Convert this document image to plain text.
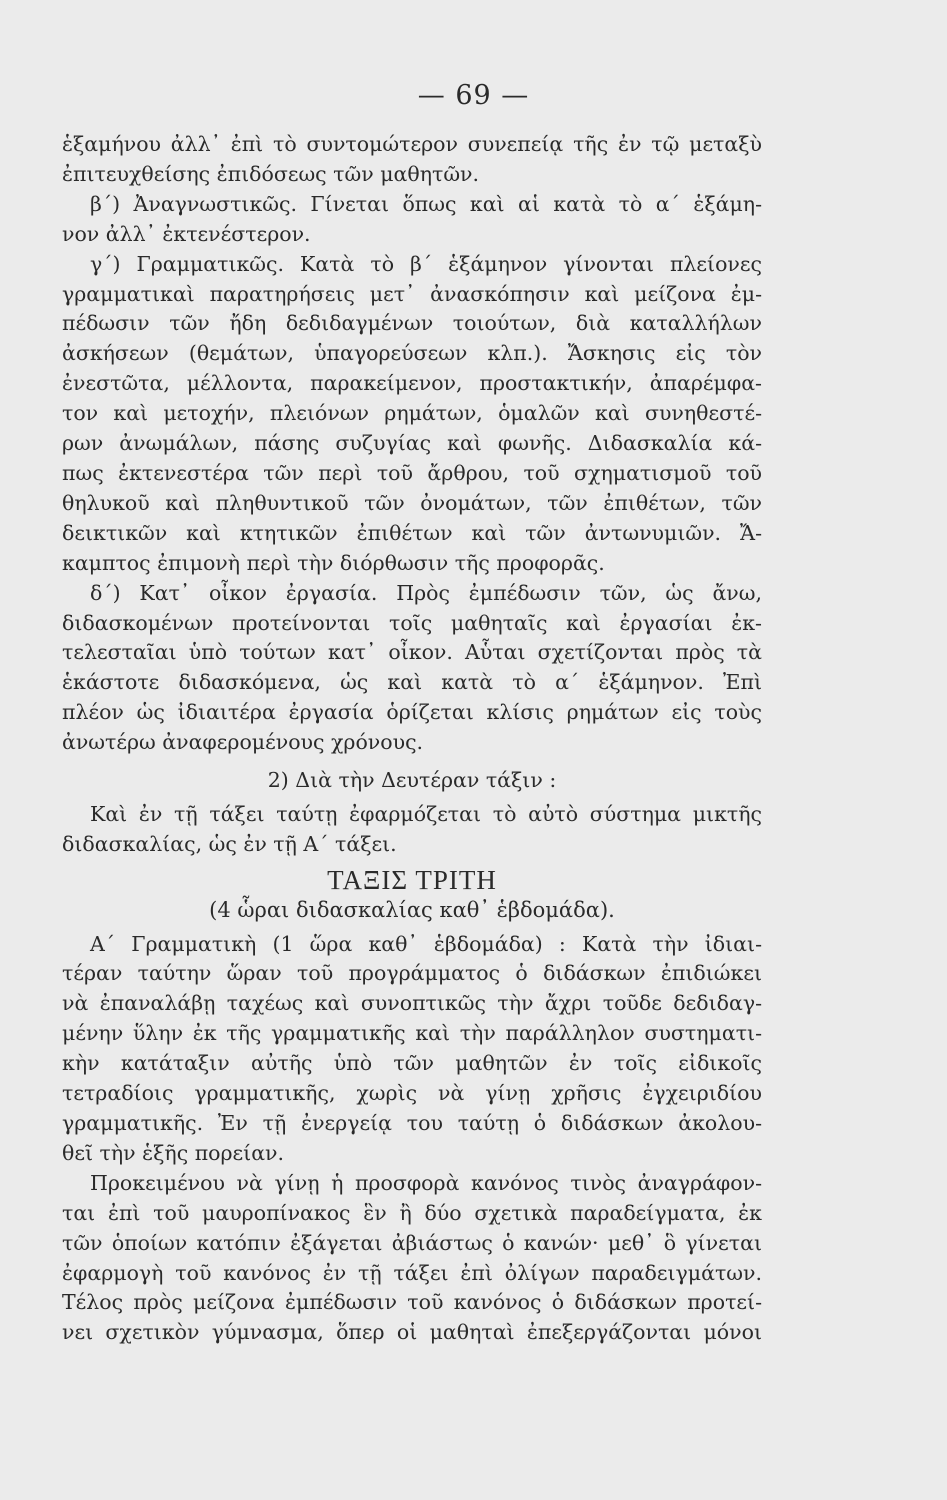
— 69 —

ἑξαμήνου ἀλλ᾽ ἐπὶ τὸ συντομώτερον συνεπείᾳ τῆς ἐν τῷ μεταξὺ
ἐπιτευχθείσης ἐπιδόσεως τῶν μαθητῶν.

β΄) Ἀναγνωστικῶς. Γίνεται ὅπως καὶ αἱ κατὰ τὸ α΄ ἑξάμη-
νον ἀλλ᾽ ἐκτενέστερον.

γ΄) Γραμματικῶς. Κατὰ τὸ β΄ ἑξάμηνον γίνονται πλείονες
γραμματικαὶ παρατηρήσεις μετ᾽ ἀνασκόπησιν καὶ μείζονα ἐμ-
πέδωσιν τῶν ἤδη δεδιδαγμένων τοιούτων, διὰ καταλλήλων
ἀσκήσεων (θεμάτων, ὑπαγορεύσεων κλπ.). Ἄσκησις εἰς τὸν
ἐνεστῶτα, μέλλοντα, παρακείμενον, προστακτικήν, ἀπαρέμφα-
τον καὶ μετοχήν, πλειόνων ρημάτων, ὁμαλῶν καὶ συνηθεστέ-
ρων ἀνωμάλων, πάσης συζυγίας καὶ φωνῆς. Διδασκαλία κά-
πως ἐκτενεστέρα τῶν περὶ τοῦ ἄρθρου, τοῦ σχηματισμοῦ τοῦ
θηλυκοῦ καὶ πληθυντικοῦ τῶν ὀνομάτων, τῶν ἐπιθέτων, τῶν
δεικτικῶν καὶ κτητικῶν ἐπιθέτων καὶ τῶν ἀντωνυμιῶν. Ἄ-
καμπτος ἐπιμονὴ περὶ τὴν διόρθωσιν τῆς προφορᾶς.

δ΄) Κατ᾽ οἶκον ἐργασία. Πρὸς ἐμπέδωσιν τῶν, ὡς ἄνω,
διδασκομένων προτείνονται τοῖς μαθηταῖς καὶ ἐργασίαι ἐκ-
τελεσταῖαι ὑπὸ τούτων κατ᾽ οἶκον. Αὗται σχετίζονται πρὸς τὰ
ἑκάστοτε διδασκόμενα, ὡς καὶ κατὰ τὸ α΄ ἑξάμηνον. Ἐπὶ
πλέον ὡς ἰδιαιτέρα ἐργασία ὁρίζεται κλίσις ρημάτων εἰς τοὺς
ἀνωτέρω ἀναφερομένους χρόνους.

2) Διὰ τὴν Δευτέραν τάξιν :

Καὶ ἐν τῇ τάξει ταύτῃ ἐφαρμόζεται τὸ αὐτὸ σύστημα μικτῆς
διδασκαλίας, ὡς ἐν τῇ Α΄ τάξει.

ΤΑΞΙΣ ΤΡΙΤΗ
(4 ὧραι διδασκαλίας καθ᾽ ἑβδομάδα).

Α΄ Γραμματικὴ (1 ὥρα καθ᾽ ἑβδομάδα) : Κατὰ τὴν ἰδιαι-
τέραν ταύτην ὥραν τοῦ προγράμματος ὁ διδάσκων ἐπιδιώκει
νὰ ἐπαναλάβῃ ταχέως καὶ συνοπτικῶς τὴν ἄχρι τοῦδε δεδιδαγ-
μένην ὕλην ἐκ τῆς γραμματικῆς καὶ τὴν παράλληλον συστηματι-
κὴν κατάταξιν αὐτῆς ὑπὸ τῶν μαθητῶν ἐν τοῖς εἰδικοῖς
τετραδίοις γραμματικῆς, χωρὶς νὰ γίνῃ χρῆσις ἐγχειριδίου
γραμματικῆς. Ἐν τῇ ἐνεργείᾳ του ταύτῃ ὁ διδάσκων ἀκολου-
θεῖ τὴν ἑξῆς πορείαν.

Προκειμένου νὰ γίνῃ ἡ προσφορὰ κανόνος τινὸς ἀναγράφον-
ται ἐπὶ τοῦ μαυροπίνακος ἓν ἢ δύο σχετικὰ παραδείγματα, ἐκ
τῶν ὁποίων κατόπιν ἐξάγεται ἀβιάστως ὁ κανών· μεθ᾽ ὃ γίνεται
ἐφαρμογὴ τοῦ κανόνος ἐν τῇ τάξει ἐπὶ ὀλίγων παραδειγμάτων.
Τέλος πρὸς μείζονα ἐμπέδωσιν τοῦ κανόνος ὁ διδάσκων προτεί-
νει σχετικὸν γύμνασμα, ὅπερ οἱ μαθηταὶ ἐπεξεργάζονται μόνοι
